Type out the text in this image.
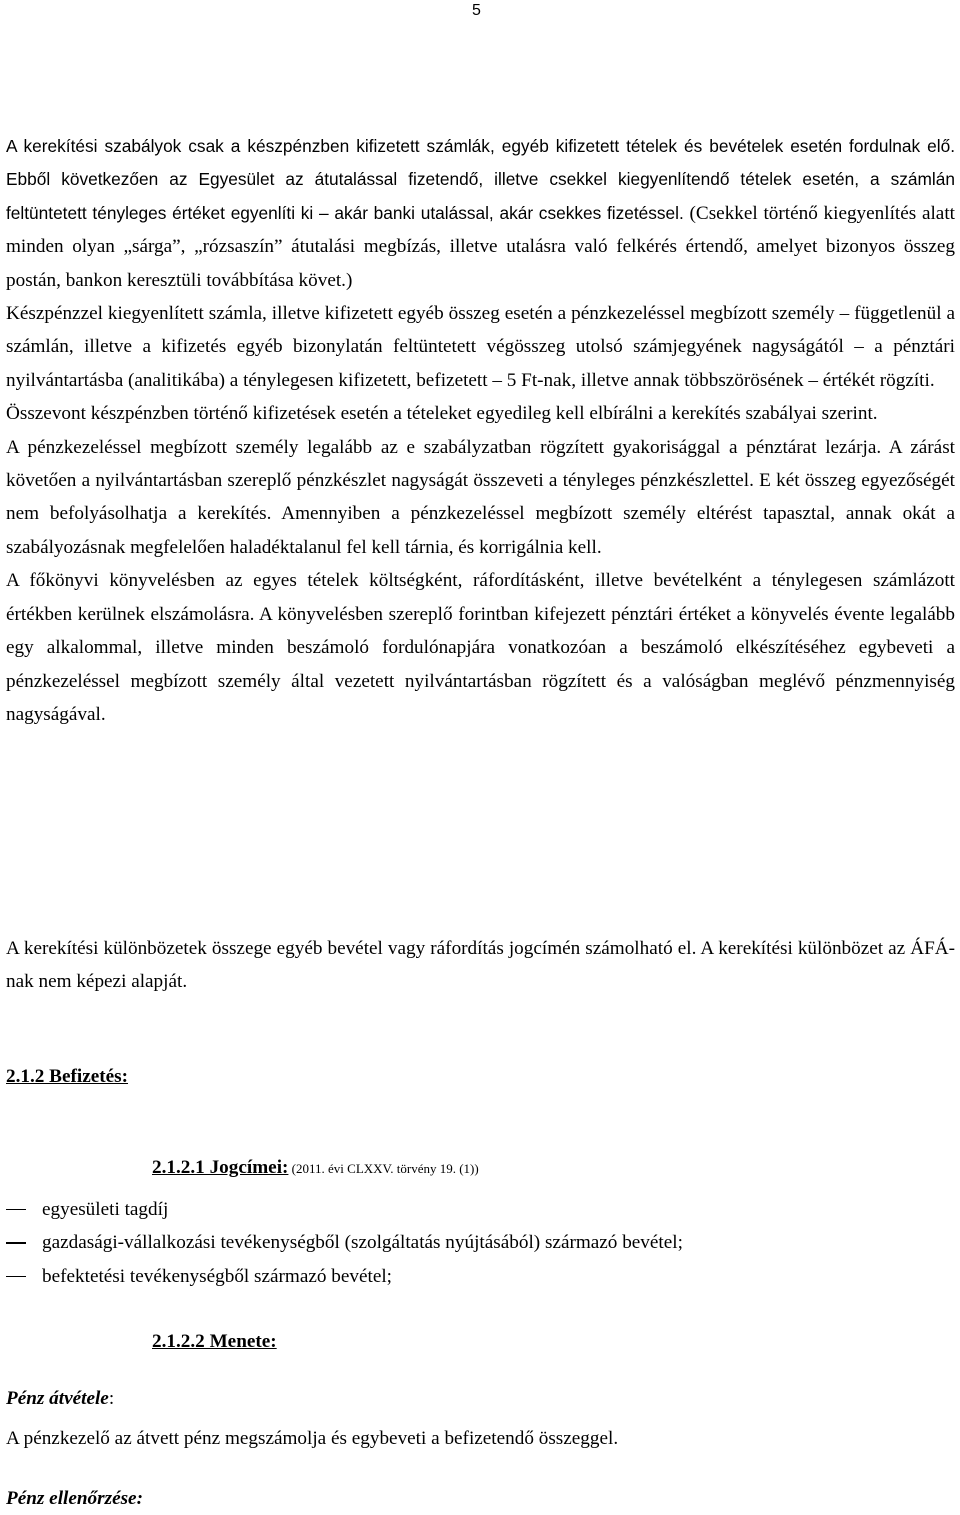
5

A kerekítési szabályok csak a készpénzben kifizetett számlák, egyéb kifizetett tételek és bevételek esetén fordulnak elő. Ebből következően az Egyesület az átutalással fizetendő, illetve csekkel kiegyenlítendő tételek esetén, a számlán feltüntetett tényleges értéket egyenlíti ki – akár banki utalással, akár csekkes fizetéssel. (Csekkel történő kiegyenlítés alatt minden olyan „sárga”, „rózsaszín” átutalási megbízás, illetve utalásra való felkérés értendő, amelyet bizonyos összeg postán, bankon keresztüli továbbítása követ.)

Készpénzzel kiegyenlített számla, illetve kifizetett egyéb összeg esetén a pénzkezeléssel megbízott személy – függetlenül a számlán, illetve a kifizetés egyéb bizonylatán feltüntetett végösszeg utolsó számjegyének nagyságától – a pénztári nyilvántartásba (analitikába) a ténylegesen kifizetett, befizetett – 5 Ft-nak, illetve annak többszörösének – értékét rögzíti.

Összevont készpénzben történő kifizetések esetén a tételeket egyedileg kell elbírálni a kerekítés szabályai szerint.

A pénzkezeléssel megbízott személy legalább az e szabályzatban rögzített gyakorisággal a pénztárat lezárja. A zárást követően a nyilvántartásban szereplő pénzkészlet nagyságát összeveti a tényleges pénzkészlettel. E két összeg egyezőségét nem befolyásolhatja a kerekítés. Amennyiben a pénzkezeléssel megbízott személy eltérést tapasztal, annak okát a szabályozásnak megfelelően haladéktalanul fel kell tárnia, és korrigálnia kell.

A főkönyvi könyvelésben az egyes tételek költségként, ráfordításként, illetve bevételként a ténylegesen számlázott értékben kerülnek elszámolásra. A könyvelésben szereplő forintban kifejezett pénztári értéket a könyvelés évente legalább egy alkalommal, illetve minden beszámoló fordulónapjára vonatkozóan a beszámoló elkészítéséhez egybeveti a pénzkezeléssel megbízott személy által vezetett nyilvántartásban rögzített és a valóságban meglévő pénzmennyiség nagyságával.

A kerekítési különbözetek összege egyéb bevétel vagy ráfordítás jogcímén számolható el. A kerekítési különbözet az ÁFÁ-nak nem képezi alapját.

2.1.2 Befizetés:
2.1.2.1 Jogcímei: (2011. évi CLXXV. törvény 19. (1))
egyesületi tagdíj
gazdasági-vállalkozási tevékenységből (szolgáltatás nyújtásából) származó bevétel;
befektetési tevékenységből származó bevétel;
2.1.2.2 Menete:
Pénz átvétele:
A pénzkezelő az átvett pénz megszámolja és egybeveti a befizetendő összeggel.
Pénz ellenőrzése:
